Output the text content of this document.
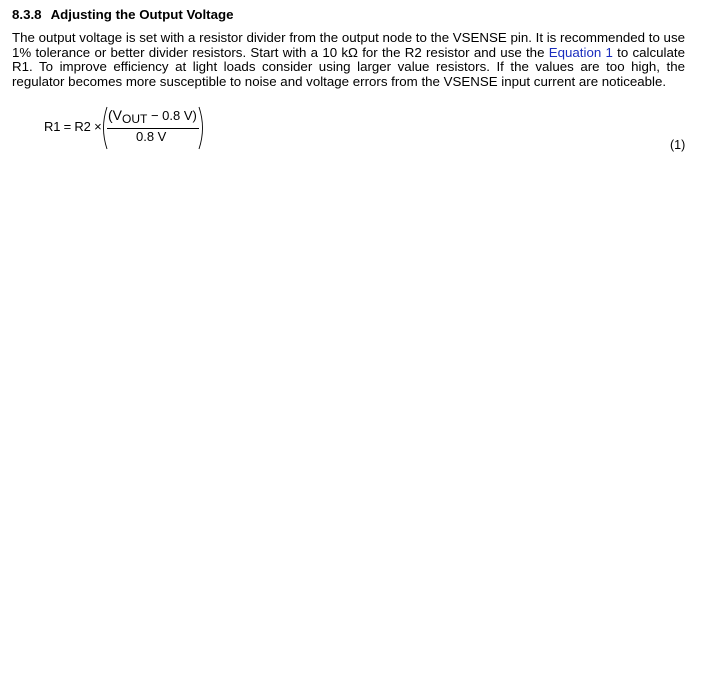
8.3.8 Adjusting the Output Voltage

The output voltage is set with a resistor divider from the output node to the VSENSE pin. It is recommended to use 1% tolerance or better divider resistors. Start with a 10 kΩ for the R2 resistor and use the Equation 1 to calculate R1. To improve efficiency at light loads consider using larger value resistors. If the values are too high, the regulator becomes more susceptible to noise and voltage errors from the VSENSE input current are noticeable.

R1 = R2 ×
(VOUT − 0.8 V)
0.8 V
(1)
